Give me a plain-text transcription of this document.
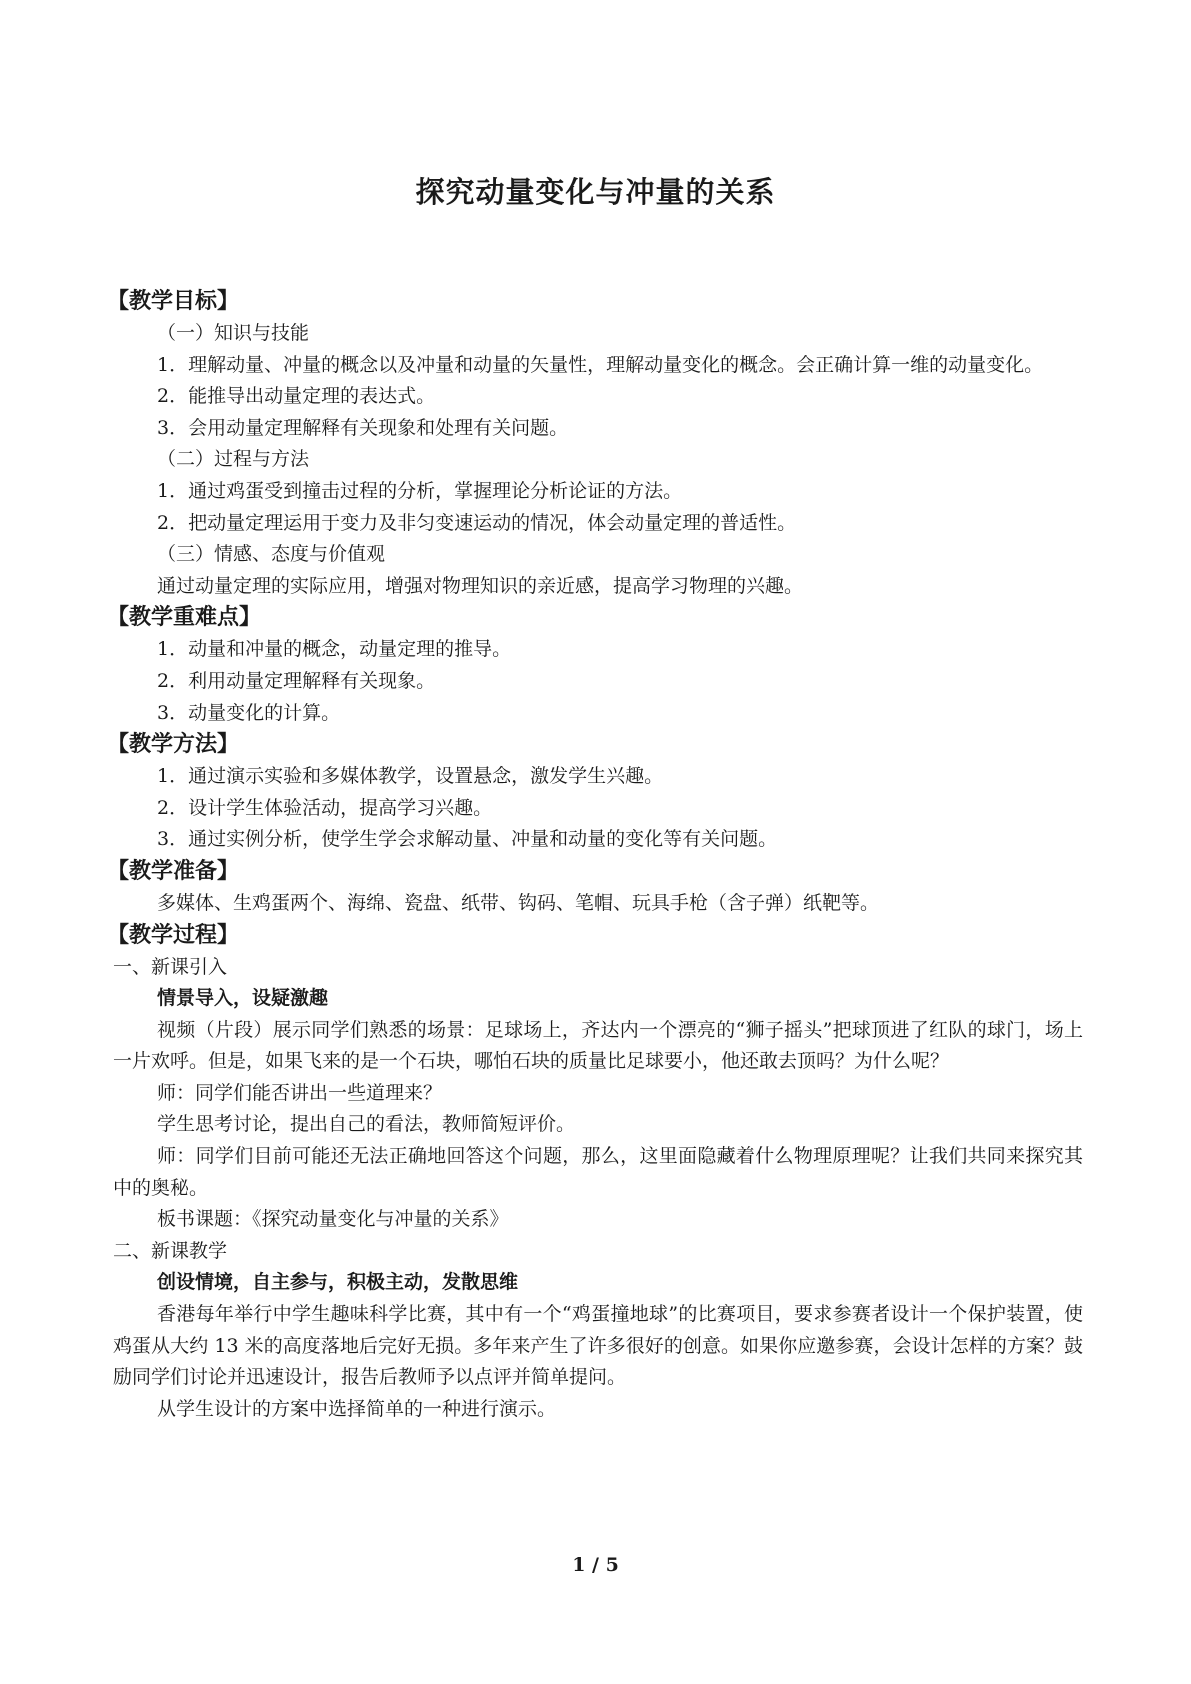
探究动量变化与冲量的关系
【教学目标】
（一）知识与技能
1．理解动量、冲量的概念以及冲量和动量的矢量性，理解动量变化的概念。会正确计算一维的动量变化。
2．能推导出动量定理的表达式。
3．会用动量定理解释有关现象和处理有关问题。
（二）过程与方法
1．通过鸡蛋受到撞击过程的分析，掌握理论分析论证的方法。
2．把动量定理运用于变力及非匀变速运动的情况，体会动量定理的普适性。
（三）情感、态度与价值观
通过动量定理的实际应用，增强对物理知识的亲近感，提高学习物理的兴趣。
【教学重难点】
1．动量和冲量的概念，动量定理的推导。
2．利用动量定理解释有关现象。
3．动量变化的计算。
【教学方法】
1．通过演示实验和多媒体教学，设置悬念，激发学生兴趣。
2．设计学生体验活动，提高学习兴趣。
3．通过实例分析，使学生学会求解动量、冲量和动量的变化等有关问题。
【教学准备】
多媒体、生鸡蛋两个、海绵、瓷盘、纸带、钩码、笔帽、玩具手枪（含子弹）纸靶等。
【教学过程】
一、新课引入
情景导入，设疑激趣
视频（片段）展示同学们熟悉的场景：足球场上，齐达内一个漂亮的“狮子摇头”把球顶进了红队的球门，场上一片欢呼。但是，如果飞来的是一个石块，哪怕石块的质量比足球要小，他还敢去顶吗？为什么呢？
师：同学们能否讲出一些道理来？
学生思考讨论，提出自己的看法，教师简短评价。
师：同学们目前可能还无法正确地回答这个问题，那么，这里面隐藏着什么物理原理呢？让我们共同来探究其中的奥秘。
板书课题：《探究动量变化与冲量的关系》
二、新课教学
创设情境，自主参与，积极主动，发散思维
香港每年举行中学生趣味科学比赛，其中有一个“鸡蛋撞地球”的比赛项目，要求参赛者设计一个保护装置，使鸡蛋从大约 13 米的高度落地后完好无损。多年来产生了许多很好的创意。如果你应邀参赛，会设计怎样的方案？鼓励同学们讨论并迅速设计，报告后教师予以点评并简单提问。
从学生设计的方案中选择简单的一种进行演示。
1 / 5
